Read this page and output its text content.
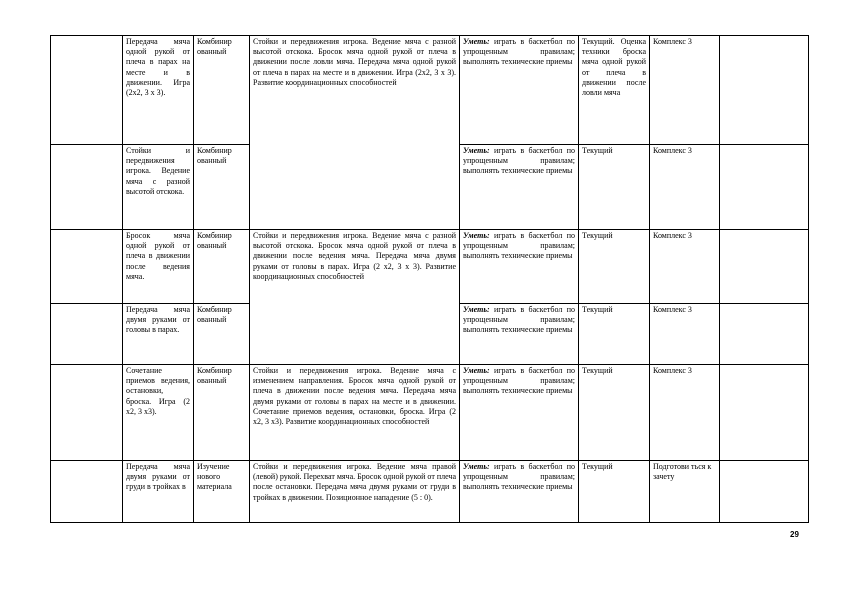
	Передача мяча одной рукой от плеча в парах на месте и в движении. Игра (2х2, 3 х 3).	Комбинир ованный	Стойки и передвижения игрока. Ведение мяча с разной высотой отскока. Бросок мяча одной рукой от плеча в движении после ловли мяча. Передача мяча одной рукой от плеча в парах на месте и в движении. Игра (2х2, 3 х 3). Развитие координационных способностей	Уметь: играть в баскетбол по упрощенным правилам; выполнять технические приемы	Текущий. Оценка техники броска мяча одной рукой от плеча в движении после ловли мяча	Комплекс 3	
	Стойки и передвижения игрока. Ведение мяча с разной высотой отскока.	Комбинир ованный		Уметь: играть в баскетбол по упрощенным правилам; выполнять технические приемы	Текущий	Комплекс 3	
	Бросок мяча одной рукой от плеча в движении после ведения мяча.	Комбинир ованный	Стойки и передвижения игрока. Ведение мяча с разной высотой отскока. Бросок мяча одной рукой от плеча в движении после ведения мяча. Передача мяча двумя руками от головы в парах. Игра (2 х2, 3 х 3). Развитие координационных способностей	Уметь: играть в баскетбол по упрощенным правилам; выполнять технические приемы	Текущий	Комплекс 3	
	Передача мяча двумя руками от головы в парах.	Комбинир ованный		Уметь: играть в баскетбол по упрощенным правилам; выполнять технические приемы	Текущий	Комплекс 3	
	Сочетание приемов ведения, остановки, броска. Игра (2 х2, 3 х3).	Комбинир ованный	Стойки и передвижения игрока. Ведение мяча с изменением направления. Бросок мяча одной рукой от плеча в движении после ведения мяча. Передача мяча двумя руками от головы в парах на месте и в движении. Сочетание приемов ведения, остановки, броска. Игра (2 х2, 3 х3). Развитие координационных способностей	Уметь: играть в баскетбол по упрощенным правилам; выполнять технические приемы	Текущий	Комплекс 3	
	Передача мяча двумя руками от груди в тройках в	Изучение нового материала	Стойки и передвижения игрока. Ведение мяча правой (левой) рукой. Перехват мяча. Бросок одной рукой от плеча после остановки. Передача мяча двумя руками от груди в тройках в движении. Позиционное нападение (5 : 0).	Уметь: играть в баскетбол по упрощенным правилам; выполнять технические приемы	Текущий	Подготови ться к зачету	
29
